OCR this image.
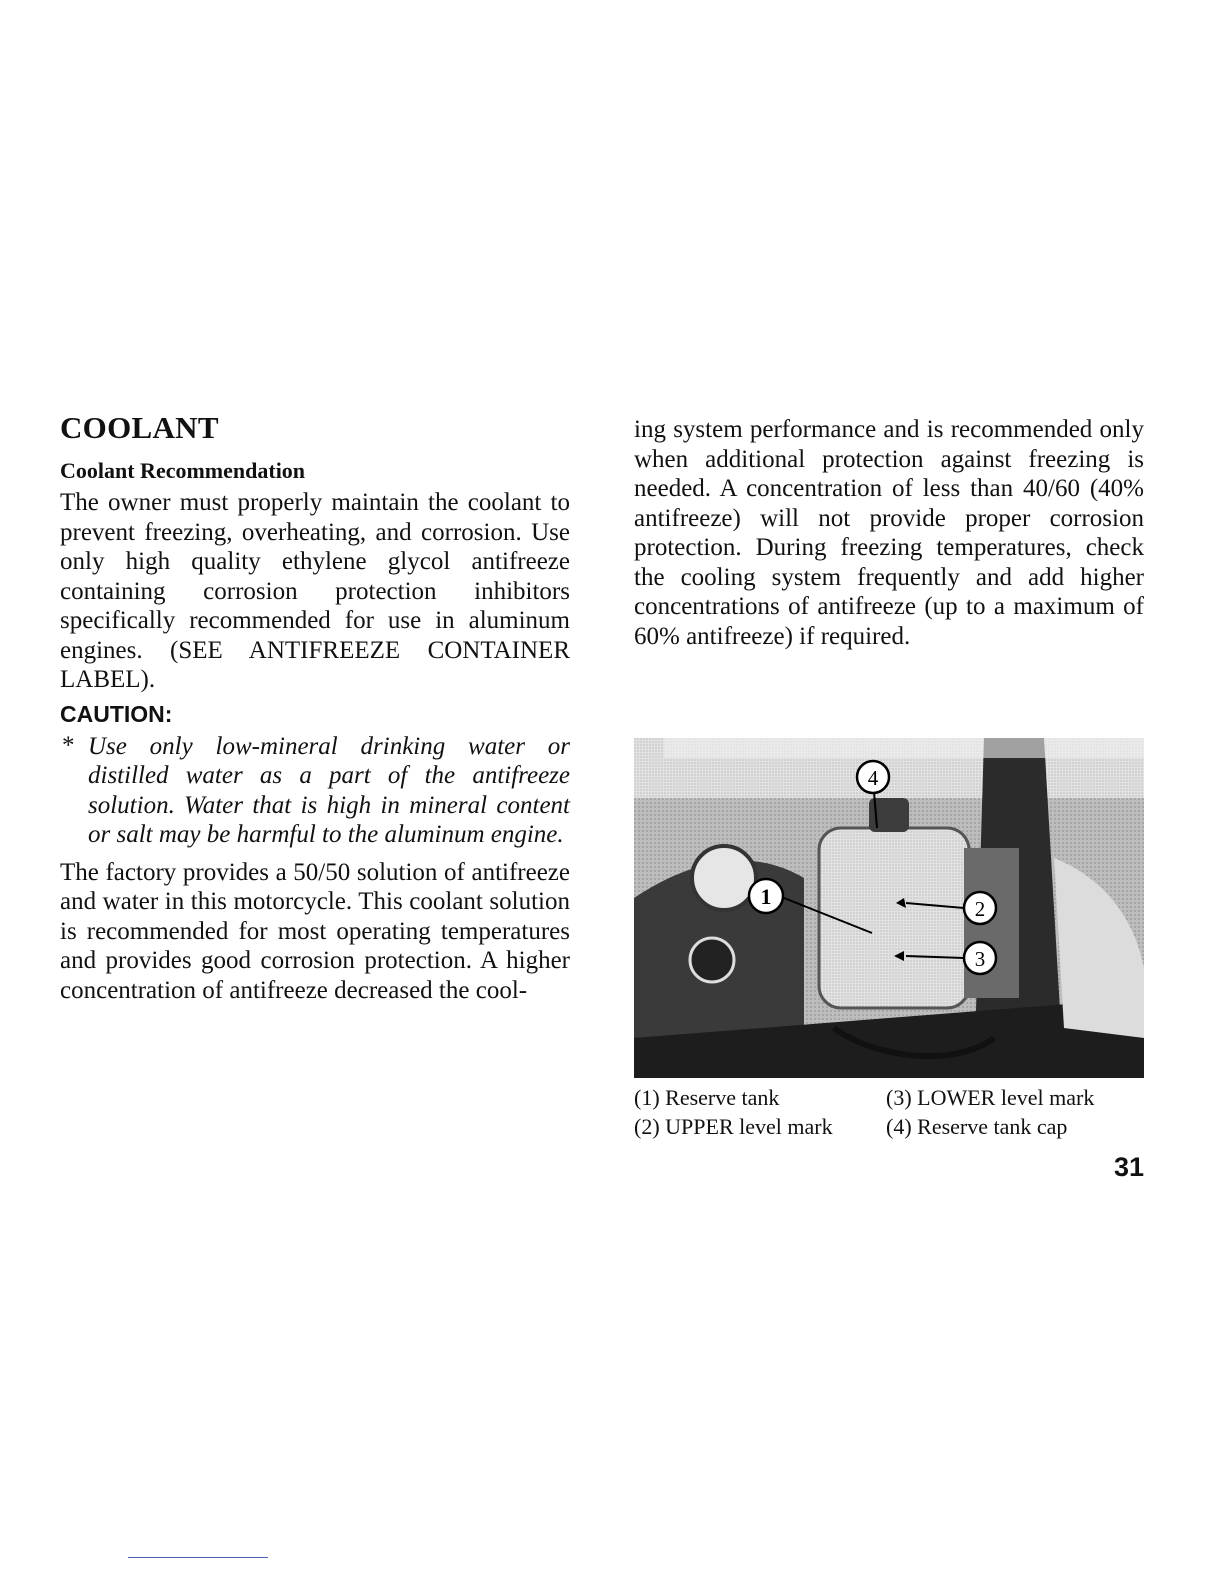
COOLANT
Coolant Recommendation

The owner must properly maintain the coolant to prevent freezing, overheating, and corrosion. Use only high quality ethylene glycol antifreeze containing corrosion protection inhibitors specifically recommended for use in aluminum engines. (SEE ANTIFREEZE CONTAINER LABEL).

CAUTION:
* Use only low-mineral drinking water or distilled water as a part of the antifreeze solution. Water that is high in mineral content or salt may be harmful to the aluminum engine.

The factory provides a 50/50 solution of antifreeze and water in this motorcycle. This coolant solution is recommended for most operating temperatures and provides good corrosion protection. A higher concentration of antifreeze decreased the cool-

ing system performance and is recommended only when additional protection against freezing is needed. A concentration of less than 40/60 (40% antifreeze) will not provide proper corrosion protection. During freezing temperatures, check the cooling system frequently and add higher concentrations of antifreeze (up to a maximum of 60% antifreeze) if required.

1	2
3
4
(1) Reserve tank	(3) LOWER level mark
(2) UPPER level mark	(4) Reserve tank cap
31
